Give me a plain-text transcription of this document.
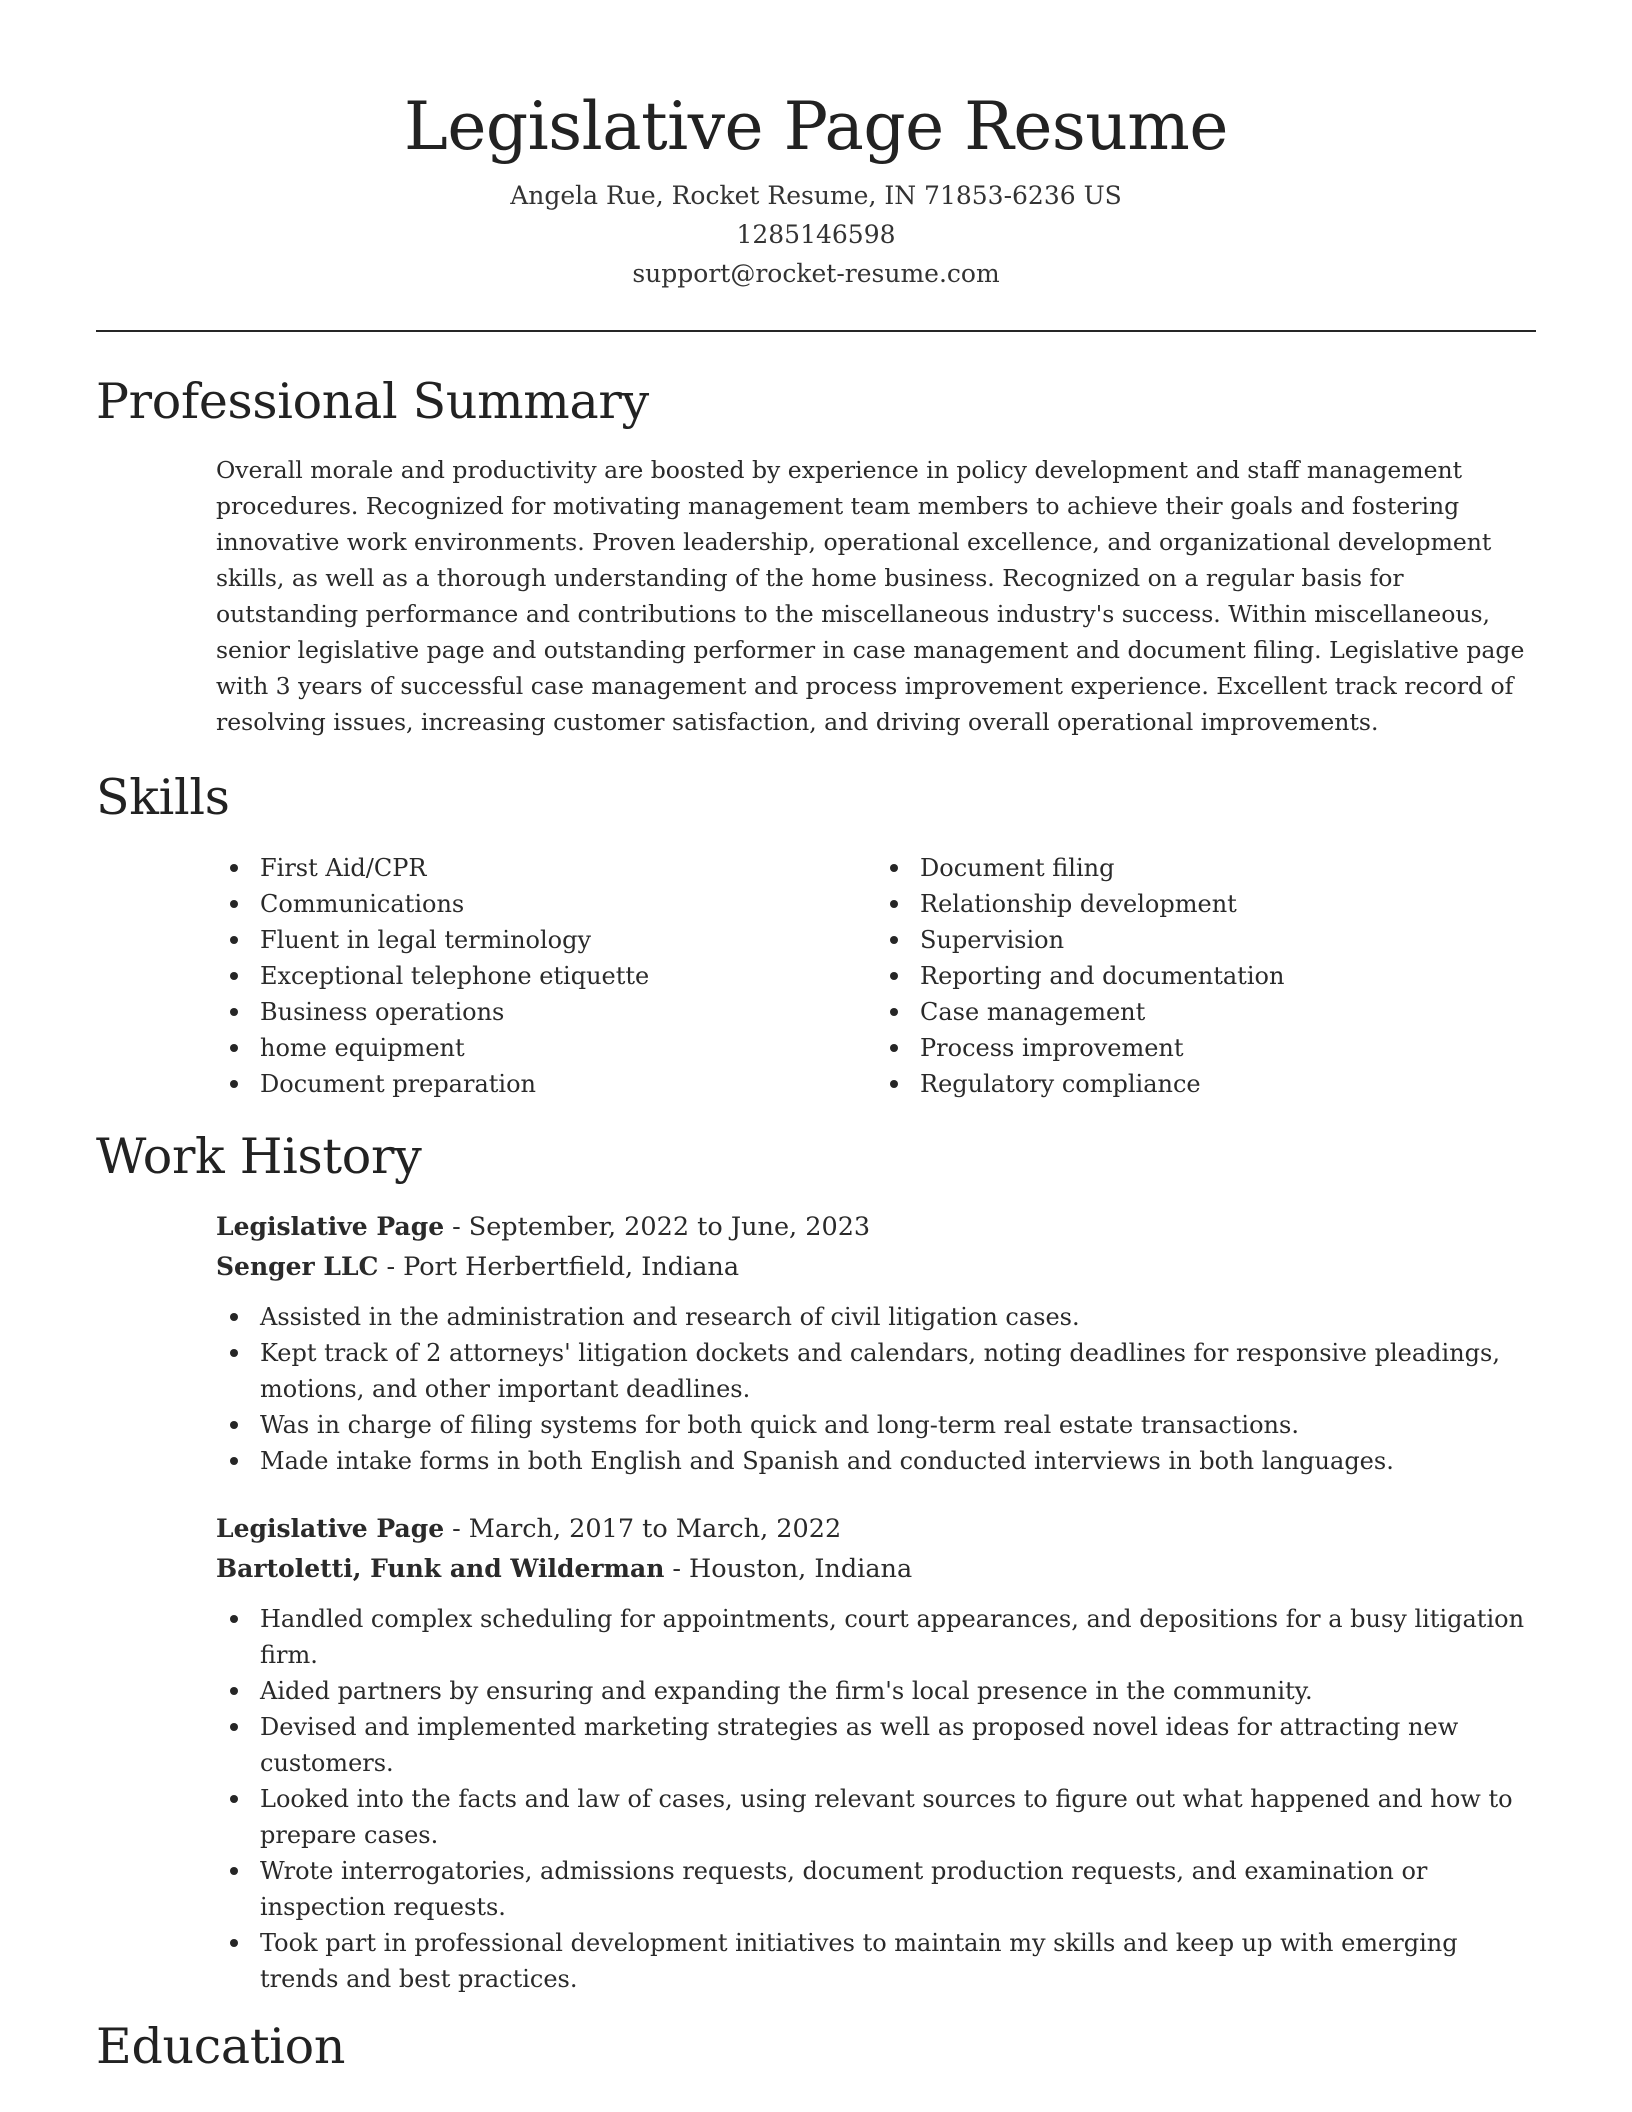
Legislative Page Resume
Angela Rue, Rocket Resume, IN 71853-6236 US
1285146598
support@rocket-resume.com
Professional Summary

Overall morale and productivity are boosted by experience in policy development and staff management procedures. Recognized for motivating management team members to achieve their goals and fostering innovative work environments. Proven leadership, operational excellence, and organizational development skills, as well as a thorough understanding of the home business. Recognized on a regular basis for outstanding performance and contributions to the miscellaneous industry's success. Within miscellaneous, senior legislative page and outstanding performer in case management and document filing. Legislative page with 3 years of successful case management and process improvement experience. Excellent track record of resolving issues, increasing customer satisfaction, and driving overall operational improvements.

Skills
First Aid/CPR
Communications
Fluent in legal terminology
Exceptional telephone etiquette
Business operations
home equipment
Document preparation
Document filing
Relationship development
Supervision
Reporting and documentation
Case management
Process improvement
Regulatory compliance
Work History
Legislative Page - September, 2022 to June, 2023
Senger LLC - Port Herbertfield, Indiana
Assisted in the administration and research of civil litigation cases.
Kept track of 2 attorneys' litigation dockets and calendars, noting deadlines for responsive pleadings, motions, and other important deadlines.
Was in charge of filing systems for both quick and long-term real estate transactions.
Made intake forms in both English and Spanish and conducted interviews in both languages.
Legislative Page - March, 2017 to March, 2022
Bartoletti, Funk and Wilderman - Houston, Indiana
Handled complex scheduling for appointments, court appearances, and depositions for a busy litigation firm.
Aided partners by ensuring and expanding the firm's local presence in the community.
Devised and implemented marketing strategies as well as proposed novel ideas for attracting new customers.
Looked into the facts and law of cases, using relevant sources to figure out what happened and how to prepare cases.
Wrote interrogatories, admissions requests, document production requests, and examination or inspection requests.
Took part in professional development initiatives to maintain my skills and keep up with emerging trends and best practices.
Education
